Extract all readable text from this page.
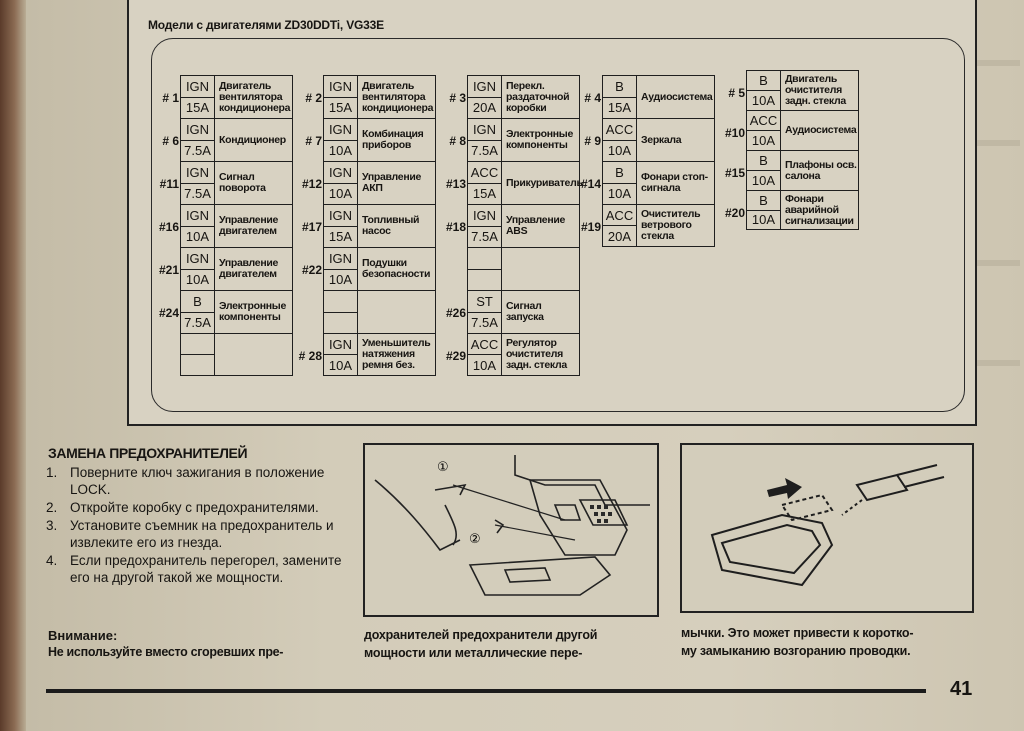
Модели с двигателями ZD30DDTi, VG33E
# 1
IGN
15A
Двигатель вентилятора кондиционера
# 6
IGN
7.5A
Кондиционер
#11
IGN
7.5A
Сигнал поворота
#16
IGN
10A
Управление двигателем
#21
IGN
10A
Управление двигателем
#24
B
7.5A
Электронные компоненты
# 2
IGN
15A
Двигатель вентилятора кондиционера
# 7
IGN
10A
Комбинация приборов
#12
IGN
10A
Управление АКП
#17
IGN
15A
Топливный насос
#22
IGN
10A
Подушки безопасности
# 28
IGN
10A
Уменьшитель натяжения ремня без.
# 3
IGN
20A
Перекл. раздаточной коробки
# 8
IGN
7.5A
Электронные компоненты
#13
ACC
15A
Прикуриватель
#18
IGN
7.5A
Управление ABS
#26
ST
7.5A
Сигнал запуска
#29
ACC
10A
Регулятор очистителя задн. стекла
# 4
B
15A
Аудиосистема
# 9
ACC
10A
Зеркала
#14
B
10A
Фонари стоп-сигнала
#19
ACC
20A
Очиститель ветрового стекла
# 5
B
10A
Двигатель очистителя задн. стекла
#10
ACC
10A
Аудиосистема
#15
B
10A
Плафоны осв. салона
#20
B
10A
Фонари аварийной сигнализации
ЗАМЕНА ПРЕДОХРАНИТЕЛЕЙ
1. Поверните ключ зажигания в положение LOCK.
2. Откройте коробку с предохранителями.
3. Установите съемник на предохранитель и извлеките его из гнезда.
4. Если предохранитель перегорел, замените его на другой такой же мощности.
Внимание:
Не используйте вместо сгоревших пре-
①
②
дохранителей предохранители другой
мощности или металлические пере-
мычки. Это может привести к коротко-
му замыканию возгоранию проводки.
41
